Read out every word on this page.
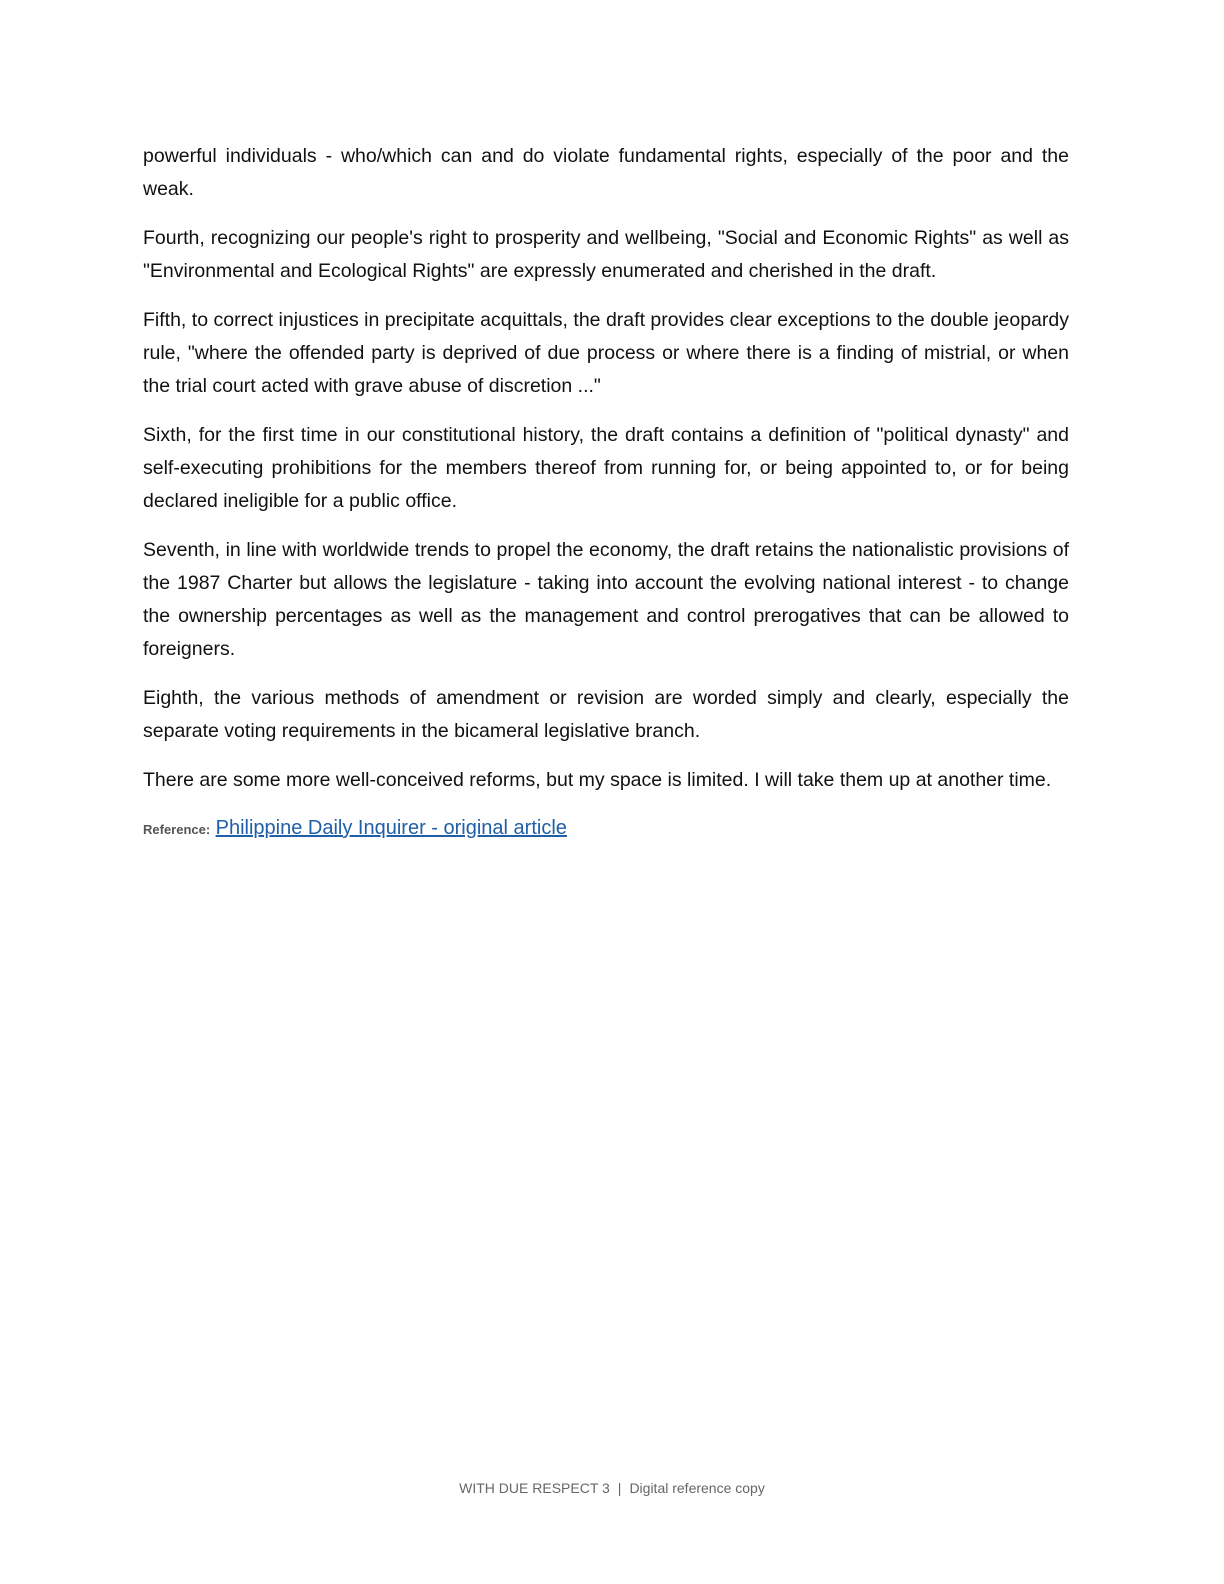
powerful individuals - who/which can and do violate fundamental rights, especially of the poor and the weak.

Fourth, recognizing our people's right to prosperity and wellbeing, "Social and Economic Rights" as well as "Environmental and Ecological Rights" are expressly enumerated and cherished in the draft.

Fifth, to correct injustices in precipitate acquittals, the draft provides clear exceptions to the double jeopardy rule, "where the offended party is deprived of due process or where there is a finding of mistrial, or when the trial court acted with grave abuse of discretion ..."

Sixth, for the first time in our constitutional history, the draft contains a definition of "political dynasty" and self-executing prohibitions for the members thereof from running for, or being appointed to, or for being declared ineligible for a public office.

Seventh, in line with worldwide trends to propel the economy, the draft retains the nationalistic provisions of the 1987 Charter but allows the legislature - taking into account the evolving national interest - to change the ownership percentages as well as the management and control prerogatives that can be allowed to foreigners.

Eighth, the various methods of amendment or revision are worded simply and clearly, especially the separate voting requirements in the bicameral legislative branch.

There are some more well-conceived reforms, but my space is limited. I will take them up at another time.

Reference: Philippine Daily Inquirer - original article
WITH DUE RESPECT 3 | Digital reference copy
